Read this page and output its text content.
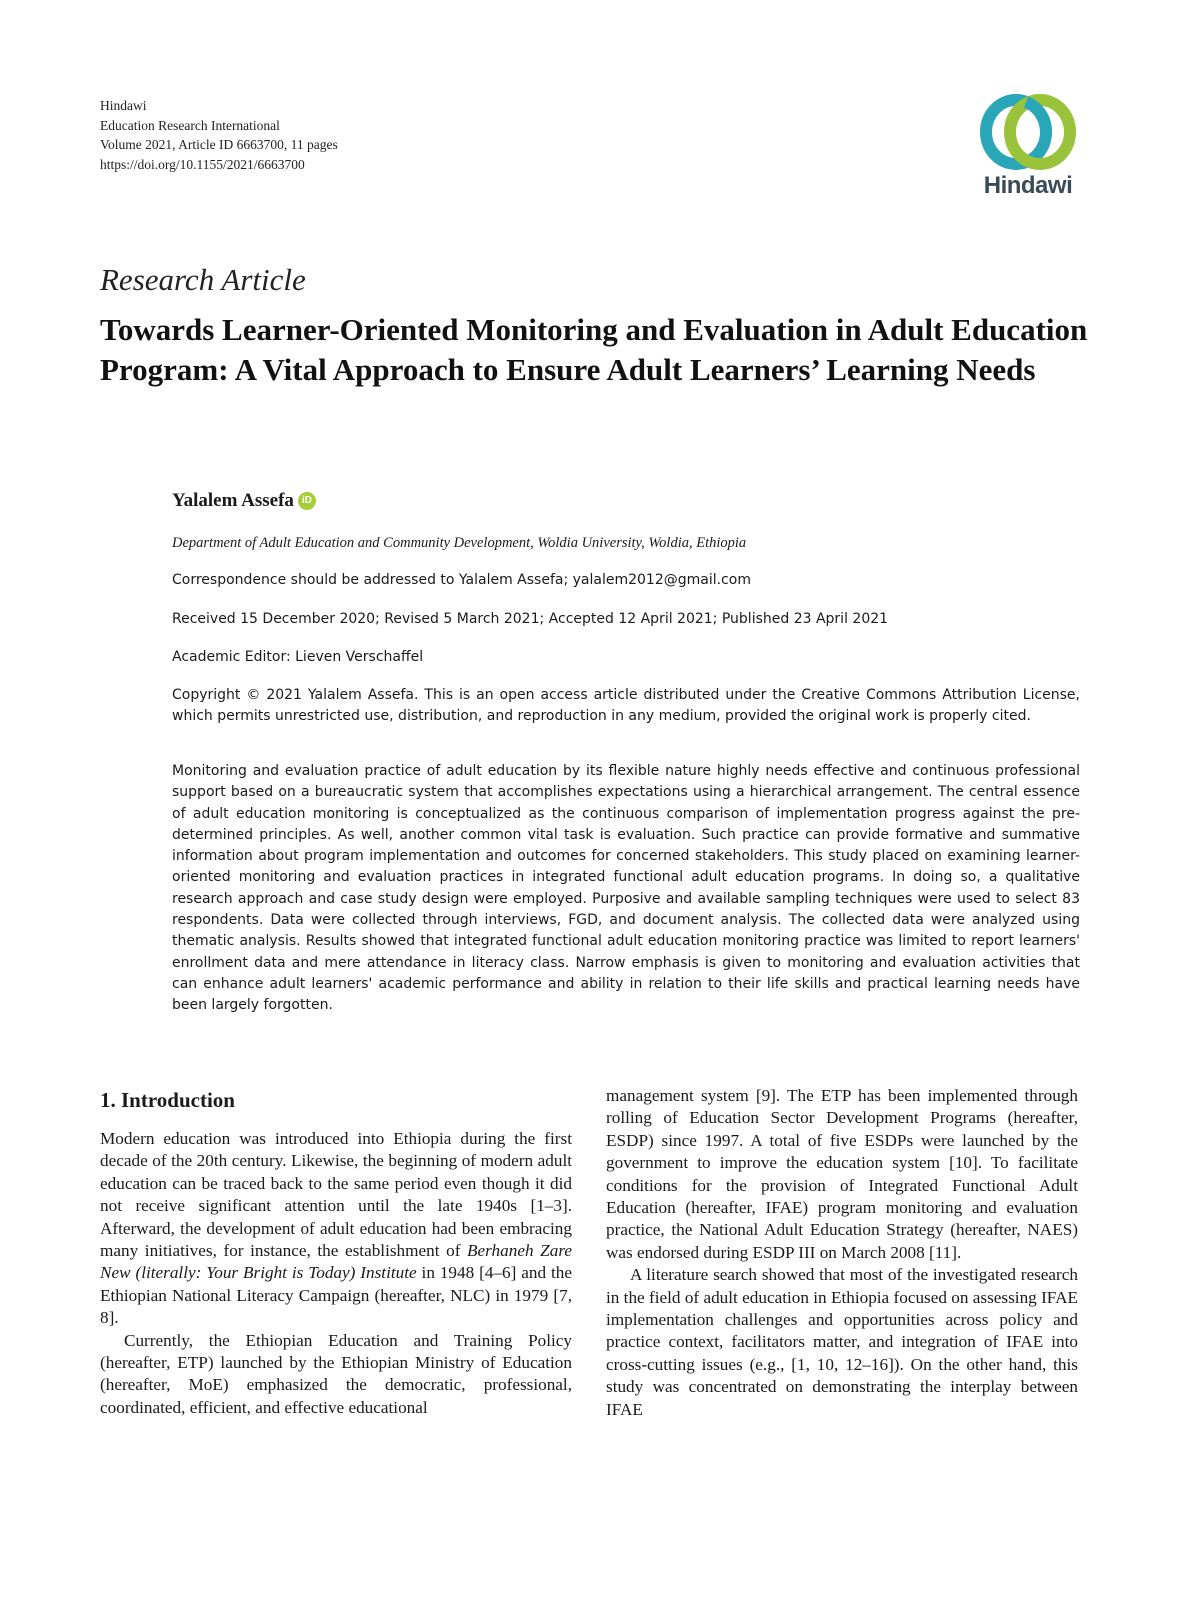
Hindawi
Education Research International
Volume 2021, Article ID 6663700, 11 pages
https://doi.org/10.1155/2021/6663700
Hindawi
Research Article
Towards Learner-Oriented Monitoring and Evaluation in Adult Education Program: A Vital Approach to Ensure Adult Learners’ Learning Needs
Yalalem Assefa iD
Department of Adult Education and Community Development, Woldia University, Woldia, Ethiopia
Correspondence should be addressed to Yalalem Assefa; yalalem2012@gmail.com
Received 15 December 2020; Revised 5 March 2021; Accepted 12 April 2021; Published 23 April 2021
Academic Editor: Lieven Verschaffel
Copyright © 2021 Yalalem Assefa. This is an open access article distributed under the Creative Commons Attribution License, which permits unrestricted use, distribution, and reproduction in any medium, provided the original work is properly cited.
Monitoring and evaluation practice of adult education by its flexible nature highly needs effective and continuous professional support based on a bureaucratic system that accomplishes expectations using a hierarchical arrangement. The central essence of adult education monitoring is conceptualized as the continuous comparison of implementation progress against the pre-determined principles. As well, another common vital task is evaluation. Such practice can provide formative and summative information about program implementation and outcomes for concerned stakeholders. This study placed on examining learner-oriented monitoring and evaluation practices in integrated functional adult education programs. In doing so, a qualitative research approach and case study design were employed. Purposive and available sampling techniques were used to select 83 respondents. Data were collected through interviews, FGD, and document analysis. The collected data were analyzed using thematic analysis. Results showed that integrated functional adult education monitoring practice was limited to report learners' enrollment data and mere attendance in literacy class. Narrow emphasis is given to monitoring and evaluation activities that can enhance adult learners' academic performance and ability in relation to their life skills and practical learning needs have been largely forgotten.
1. Introduction

Modern education was introduced into Ethiopia during the first decade of the 20th century. Likewise, the beginning of modern adult education can be traced back to the same period even though it did not receive significant attention until the late 1940s [1–3]. Afterward, the development of adult education had been embracing many initiatives, for instance, the establishment of Berhaneh Zare New (literally: Your Bright is Today) Institute in 1948 [4–6] and the Ethiopian National Literacy Campaign (hereafter, NLC) in 1979 [7, 8].

Currently, the Ethiopian Education and Training Policy (hereafter, ETP) launched by the Ethiopian Ministry of Education (hereafter, MoE) emphasized the democratic, professional, coordinated, efficient, and effective educational

management system [9]. The ETP has been implemented through rolling of Education Sector Development Programs (hereafter, ESDP) since 1997. A total of five ESDPs were launched by the government to improve the education system [10]. To facilitate conditions for the provision of Integrated Functional Adult Education (hereafter, IFAE) program monitoring and evaluation practice, the National Adult Education Strategy (hereafter, NAES) was endorsed during ESDP III on March 2008 [11].

A literature search showed that most of the investigated research in the field of adult education in Ethiopia focused on assessing IFAE implementation challenges and opportunities across policy and practice context, facilitators matter, and integration of IFAE into cross-cutting issues (e.g., [1, 10, 12–16]). On the other hand, this study was concentrated on demonstrating the interplay between IFAE
